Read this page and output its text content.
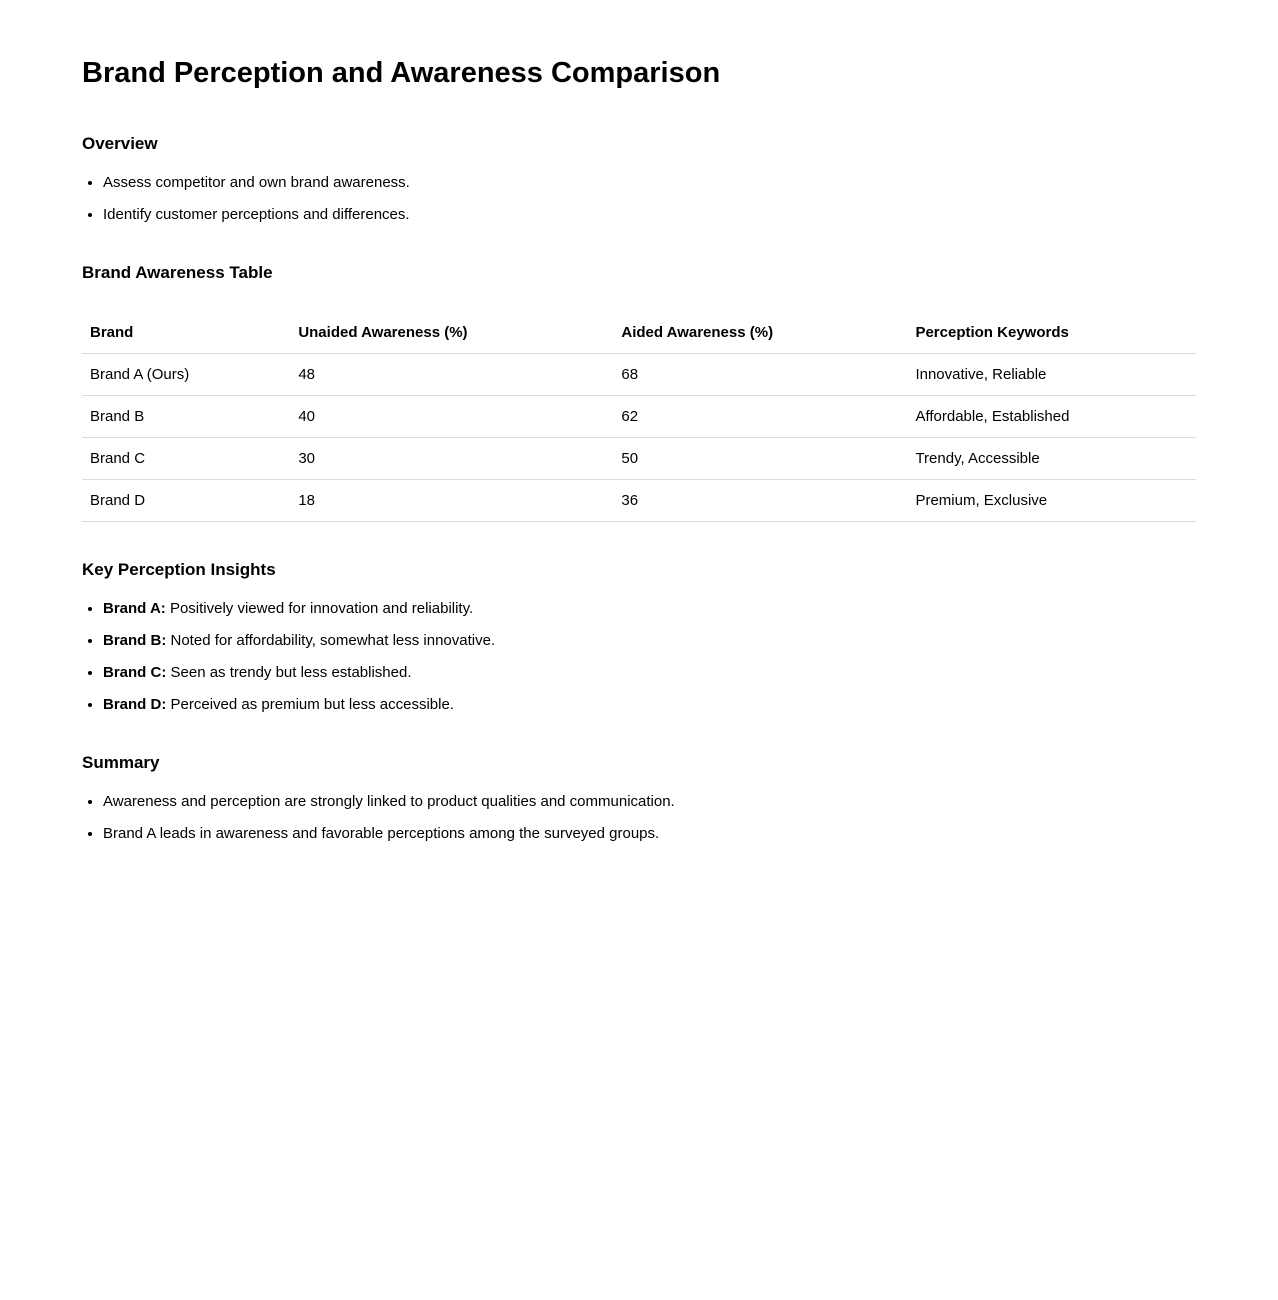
Brand Perception and Awareness Comparison
Overview
• Assess competitor and own brand awareness.
• Identify customer perceptions and differences.
Brand Awareness Table
Brand	Unaided Awareness (%)	Aided Awareness (%)	Perception Keywords
Brand A (Ours)	48	68	Innovative, Reliable
Brand B	40	62	Affordable, Established
Brand C	30	50	Trendy, Accessible
Brand D	18	36	Premium, Exclusive
Key Perception Insights
• Brand A: Positively viewed for innovation and reliability.
• Brand B: Noted for affordability, somewhat less innovative.
• Brand C: Seen as trendy but less established.
• Brand D: Perceived as premium but less accessible.
Summary
• Awareness and perception are strongly linked to product qualities and communication.
• Brand A leads in awareness and favorable perceptions among the surveyed groups.
